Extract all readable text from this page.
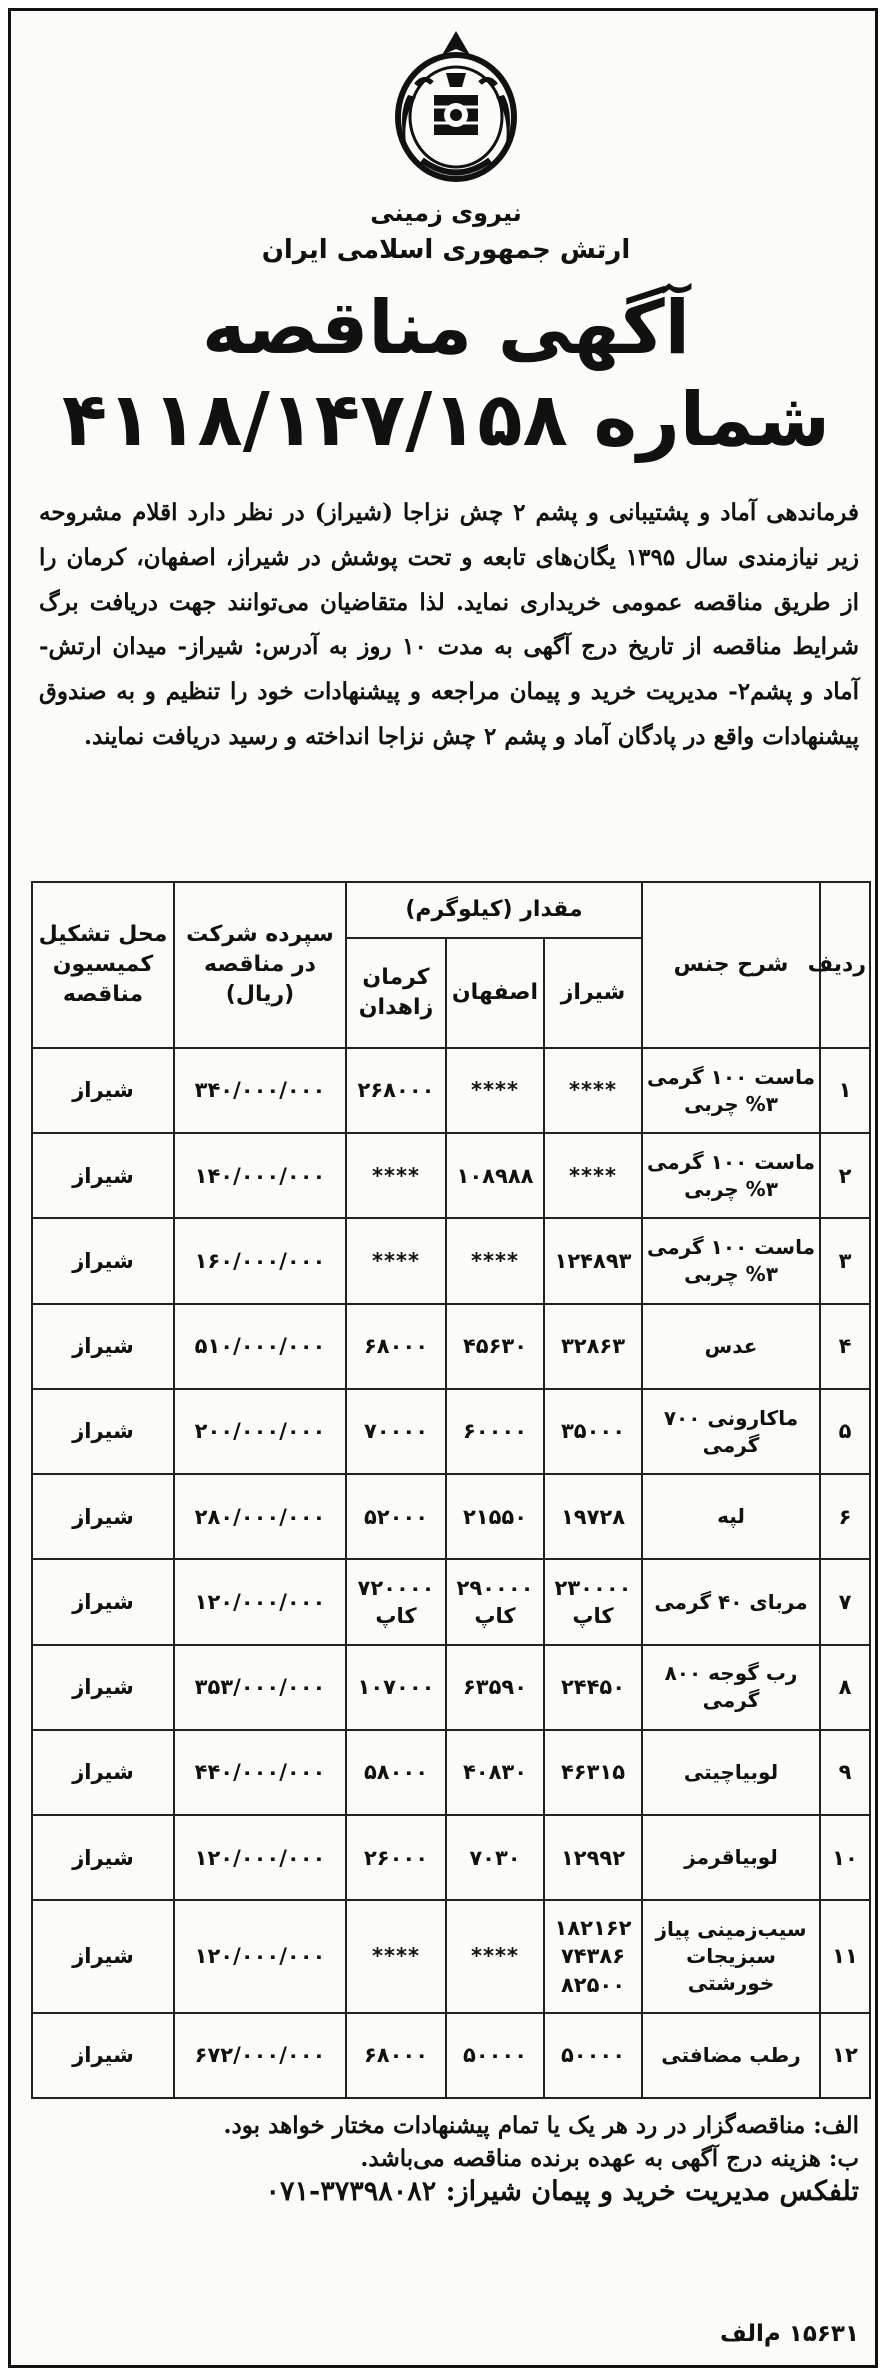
نیروی زمینی
ارتش جمهوری اسلامی ایران
آگهی مناقصه
شماره ۴۱۱۸/۱۴۷/۱۵۸
فرماندهی آماد و پشتیبانی و پشم ۲ چش نزاجا (شیراز) در نظر دارد اقلام مشروحه زیر نیازمندی سال ۱۳۹۵ یگان‌های تابعه و تحت پوشش در شیراز، اصفهان، کرمان را از طریق مناقصه عمومی خریداری نماید. لذا متقاضیان می‌توانند جهت دریافت برگ شرایط مناقصه از تاریخ درج آگهی به مدت ۱۰ روز به آدرس: شیراز- میدان ارتش- آماد و پشم۲- مدیریت خرید و پیمان مراجعه و پیشنهادات خود را تنظیم و به صندوق پیشنهادات واقع در پادگان آماد و پشم ۲ چش نزاجا انداخته و رسید دریافت نمایند.
ردیف	شرح جنس	مقدار (کیلوگرم)			سپرده شرکت در مناقصه (ریال)	محل تشکیل کمیسیون مناقصه
		شیراز	اصفهان	کرمان زاهدان		
۱	ماست ۱۰۰ گرمی ۳% چربی	****	****	۲۶۸۰۰۰	۳۴۰/۰۰۰/۰۰۰	شیراز
۲	ماست ۱۰۰ گرمی ۳% چربی	****	۱۰۸۹۸۸	****	۱۴۰/۰۰۰/۰۰۰	شیراز
۳	ماست ۱۰۰ گرمی ۳% چربی	۱۲۴۸۹۳	****	****	۱۶۰/۰۰۰/۰۰۰	شیراز
۴	عدس	۳۲۸۶۳	۴۵۶۳۰	۶۸۰۰۰	۵۱۰/۰۰۰/۰۰۰	شیراز
۵	ماکارونی ۷۰۰ گرمی	۳۵۰۰۰	۶۰۰۰۰	۷۰۰۰۰	۲۰۰/۰۰۰/۰۰۰	شیراز
۶	لپه	۱۹۷۲۸	۲۱۵۵۰	۵۲۰۰۰	۲۸۰/۰۰۰/۰۰۰	شیراز
۷	مربای ۴۰ گرمی	۲۳۰۰۰۰ کاپ	۲۹۰۰۰۰ کاپ	۷۲۰۰۰۰ کاپ	۱۲۰/۰۰۰/۰۰۰	شیراز
۸	رب گوجه ۸۰۰ گرمی	۲۴۴۵۰	۶۳۵۹۰	۱۰۷۰۰۰	۳۵۳/۰۰۰/۰۰۰	شیراز
۹	لوبیاچیتی	۴۶۳۱۵	۴۰۸۳۰	۵۸۰۰۰	۴۴۰/۰۰۰/۰۰۰	شیراز
۱۰	لوبیاقرمز	۱۲۹۹۲	۷۰۳۰	۲۶۰۰۰	۱۲۰/۰۰۰/۰۰۰	شیراز
۱۱	سیب‌زمینی پیاز سبزیجات خورشتی	۱۸۲۱۶۲ ۷۴۳۸۶ ۸۲۵۰۰	****	****	۱۲۰/۰۰۰/۰۰۰	شیراز
۱۲	رطب مضافتی	۵۰۰۰۰	۵۰۰۰۰	۶۸۰۰۰	۶۷۲/۰۰۰/۰۰۰	شیراز
الف: مناقصه‌گزار در رد هر یک یا تمام پیشنهادات مختار خواهد بود.
ب: هزینه درج آگهی به عهده برنده مناقصه می‌باشد.
تلفکس مدیریت خرید و پیمان شیراز: ۳۷۳۹۸۰۸۲-۰۷۱
۱۵۶۳۱ م‌الف
